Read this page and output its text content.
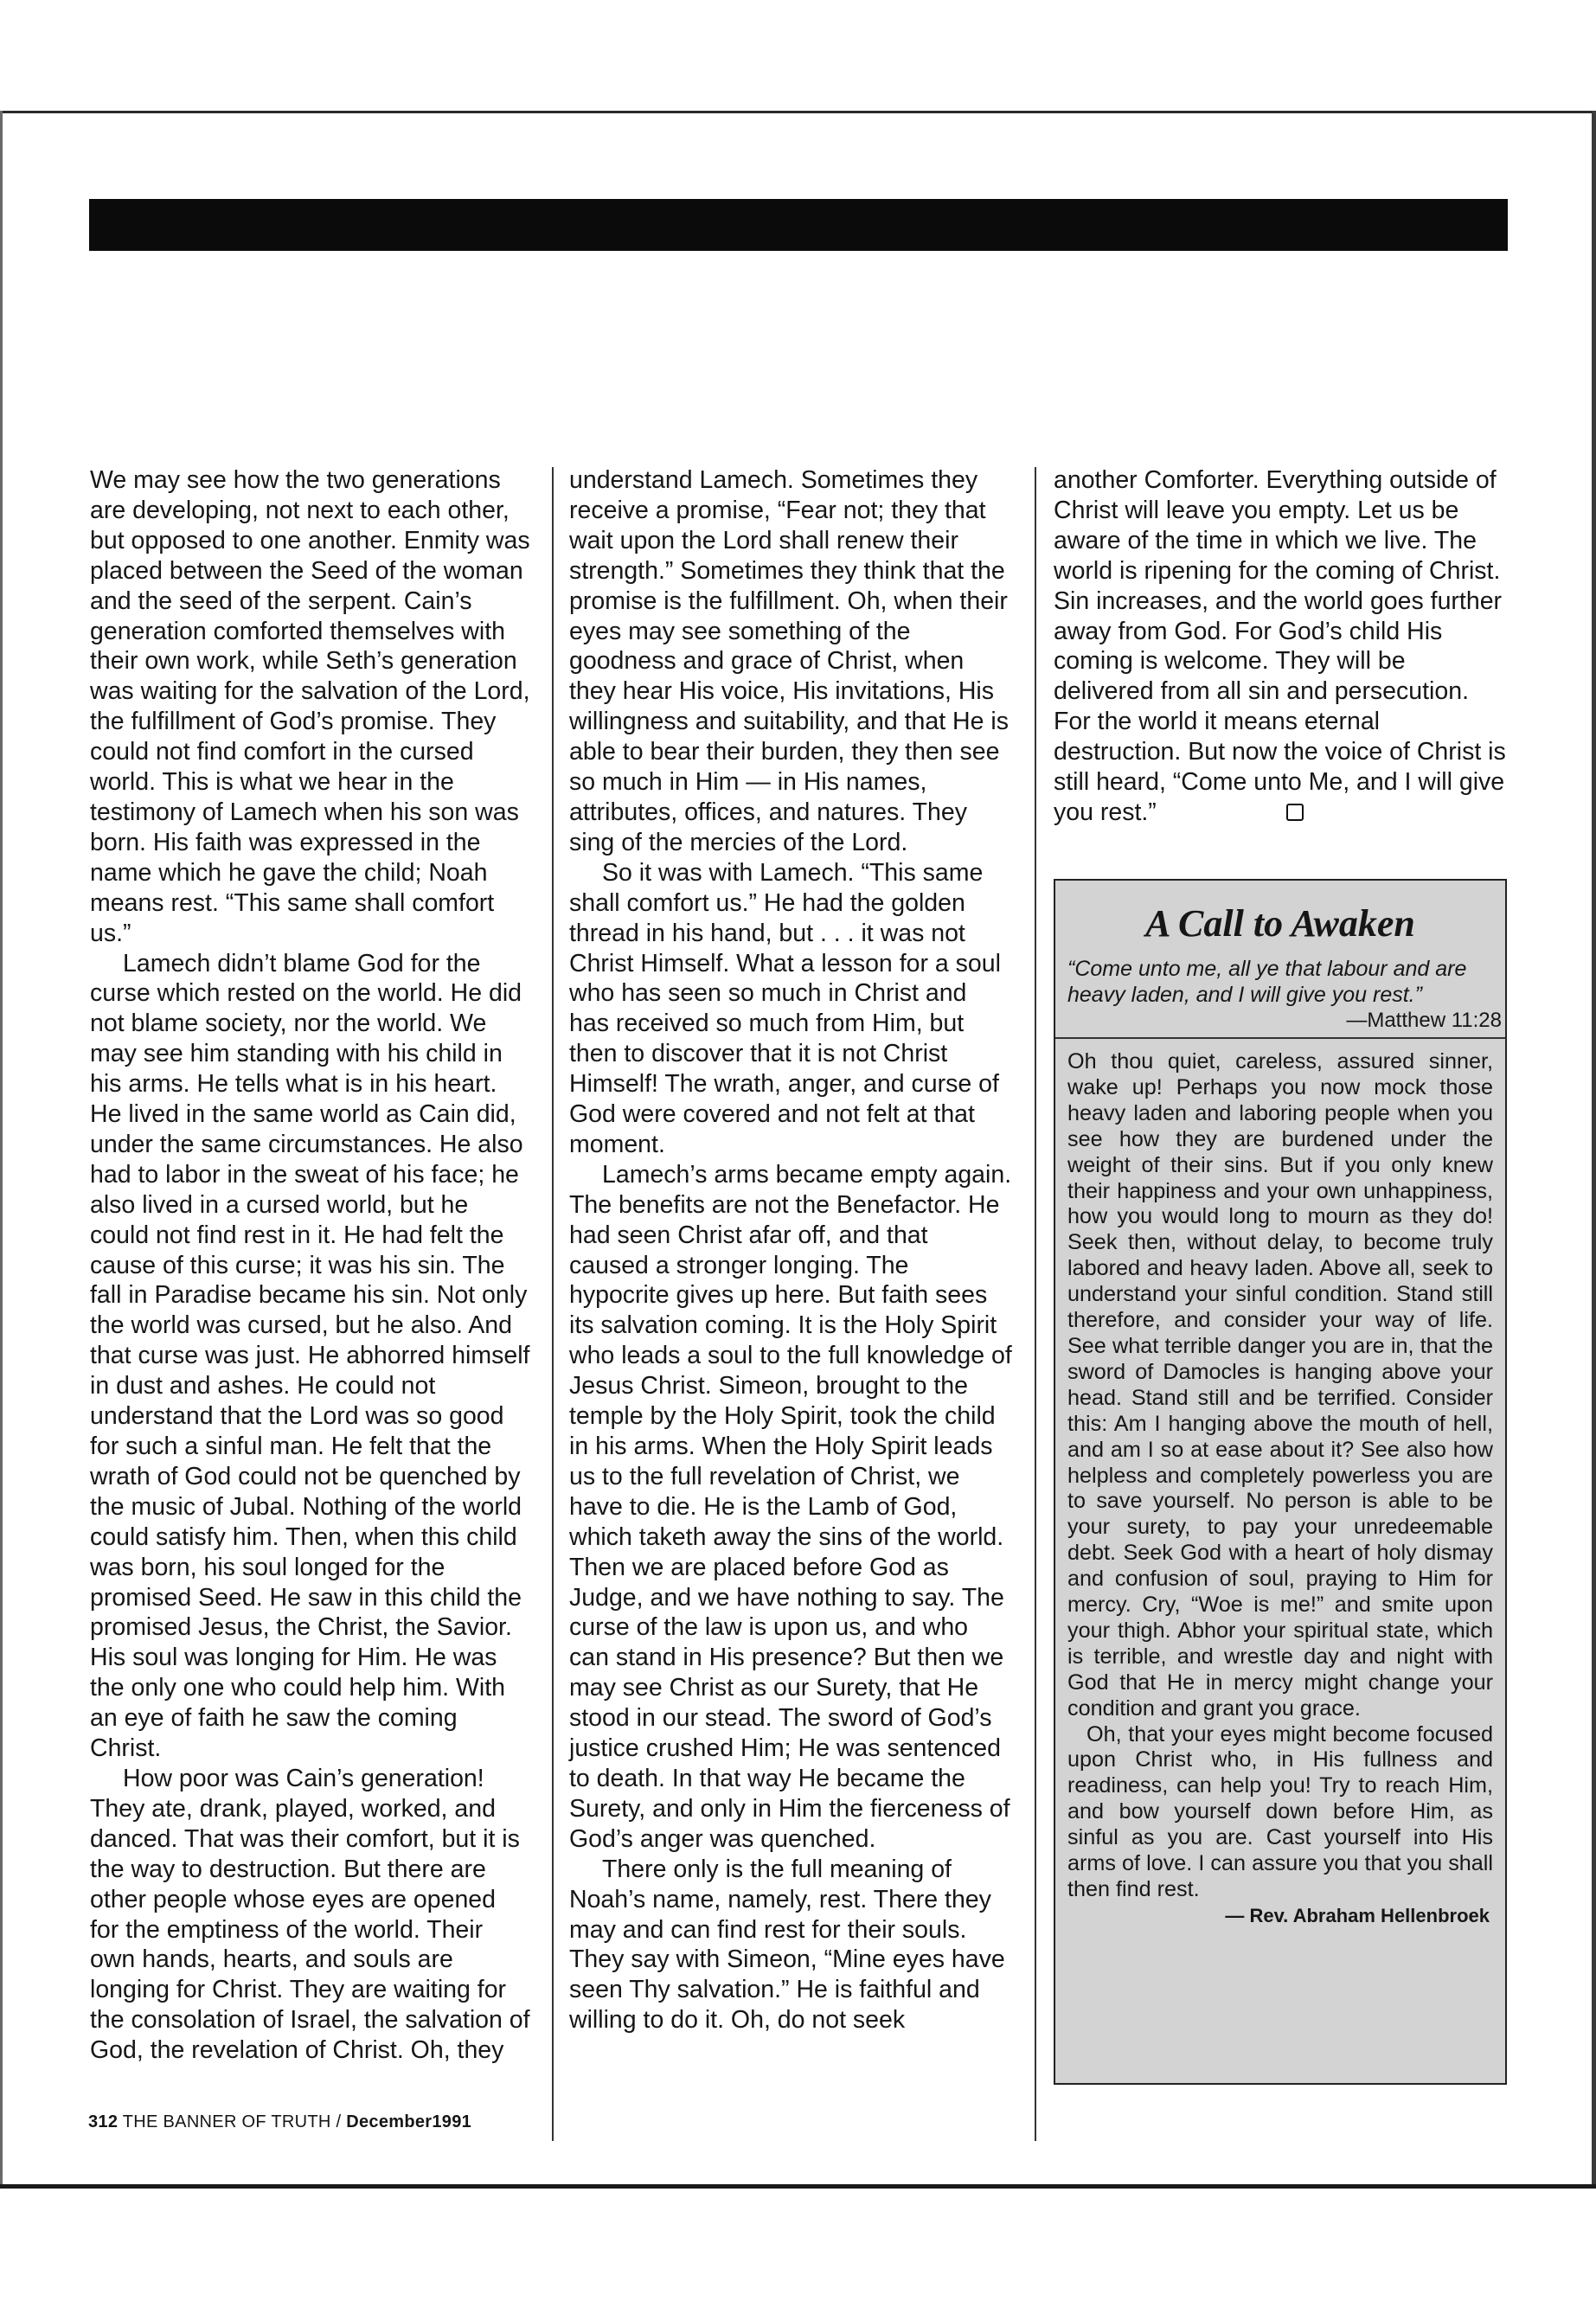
We may see how the two generations are developing, not next to each other, but opposed to one another. Enmity was placed between the Seed of the woman and the seed of the serpent. Cain’s generation comforted themselves with their own work, while Seth’s generation was waiting for the salvation of the Lord, the fulfillment of God’s promise. They could not find comfort in the cursed world. This is what we hear in the testimony of Lamech when his son was born. His faith was expressed in the name which he gave the child; Noah means rest. “This same shall comfort us.”

Lamech didn’t blame God for the curse which rested on the world. He did not blame society, nor the world. We may see him standing with his child in his arms. He tells what is in his heart. He lived in the same world as Cain did, under the same circumstances. He also had to labor in the sweat of his face; he also lived in a cursed world, but he could not find rest in it. He had felt the cause of this curse; it was his sin. The fall in Paradise became his sin. Not only the world was cursed, but he also. And that curse was just. He abhorred himself in dust and ashes. He could not understand that the Lord was so good for such a sinful man. He felt that the wrath of God could not be quenched by the music of Jubal. Nothing of the world could satisfy him. Then, when this child was born, his soul longed for the promised Seed. He saw in this child the promised Jesus, the Christ, the Savior. His soul was longing for Him. He was the only one who could help him. With an eye of faith he saw the coming Christ.

How poor was Cain’s generation! They ate, drank, played, worked, and danced. That was their comfort, but it is the way to destruction. But there are other people whose eyes are opened for the emptiness of the world. Their own hands, hearts, and souls are longing for Christ. They are waiting for the consolation of Israel, the salvation of God, the revelation of Christ. Oh, they

understand Lamech. Sometimes they receive a promise, “Fear not; they that wait upon the Lord shall renew their strength.” Sometimes they think that the promise is the fulfillment. Oh, when their eyes may see something of the goodness and grace of Christ, when they hear His voice, His invitations, His willingness and suitability, and that He is able to bear their burden, they then see so much in Him — in His names, attributes, offices, and natures. They sing of the mercies of the Lord.

So it was with Lamech. “This same shall comfort us.” He had the golden thread in his hand, but . . . it was not Christ Himself. What a lesson for a soul who has seen so much in Christ and has received so much from Him, but then to discover that it is not Christ Himself! The wrath, anger, and curse of God were covered and not felt at that moment.

Lamech’s arms became empty again. The benefits are not the Benefactor. He had seen Christ afar off, and that caused a stronger longing. The hypocrite gives up here. But faith sees its salvation coming. It is the Holy Spirit who leads a soul to the full knowledge of Jesus Christ. Simeon, brought to the temple by the Holy Spirit, took the child in his arms. When the Holy Spirit leads us to the full revelation of Christ, we have to die. He is the Lamb of God, which taketh away the sins of the world. Then we are placed before God as Judge, and we have nothing to say. The curse of the law is upon us, and who can stand in His presence? But then we may see Christ as our Surety, that He stood in our stead. The sword of God’s justice crushed Him; He was sentenced to death. In that way He became the Surety, and only in Him the fierceness of God’s anger was quenched.

There only is the full meaning of Noah’s name, namely, rest. There they may and can find rest for their souls. They say with Simeon, “Mine eyes have seen Thy salvation.” He is faithful and willing to do it. Oh, do not seek

another Comforter. Everything outside of Christ will leave you empty. Let us be aware of the time in which we live. The world is ripening for the coming of Christ. Sin increases, and the world goes further away from God. For God’s child His coming is welcome. They will be delivered from all sin and persecution. For the world it means eternal destruction. But now the voice of Christ is still heard, “Come unto Me, and I will give you rest.”

A Call to Awaken
“Come unto me, all ye that labour and are heavy laden, and I will give you rest.”
—Matthew 11:28

Oh thou quiet, careless, assured sinner, wake up! Perhaps you now mock those heavy laden and laboring people when you see how they are burdened under the weight of their sins. But if you only knew their happiness and your own unhappiness, how you would long to mourn as they do! Seek then, without delay, to become truly labored and heavy laden. Above all, seek to understand your sinful condition. Stand still therefore, and consider your way of life. See what terrible danger you are in, that the sword of Damocles is hanging above your head. Stand still and be terrified. Consider this: Am I hanging above the mouth of hell, and am I so at ease about it? See also how helpless and completely powerless you are to save yourself. No person is able to be your surety, to pay your unredeemable debt. Seek God with a heart of holy dismay and confusion of soul, praying to Him for mercy. Cry, “Woe is me!” and smite upon your thigh. Abhor your spiritual state, which is terrible, and wrestle day and night with God that He in mercy might change your condition and grant you grace.

Oh, that your eyes might become focused upon Christ who, in His fullness and readiness, can help you! Try to reach Him, and bow yourself down before Him, as sinful as you are. Cast yourself into His arms of love. I can assure you that you shall then find rest.

— Rev. Abraham Hellenbroek
312 THE BANNER OF TRUTH / December1991
